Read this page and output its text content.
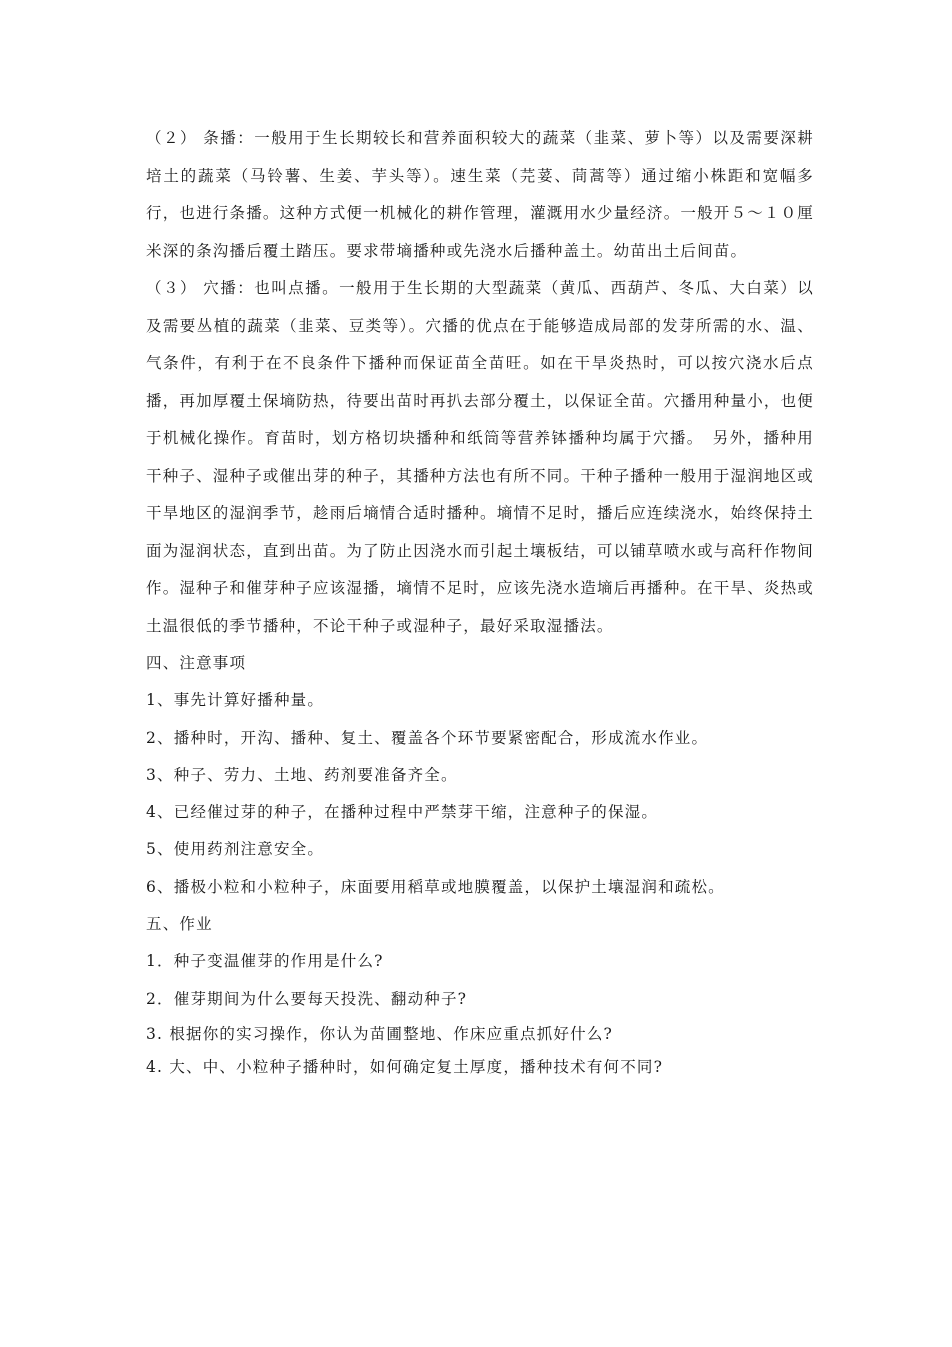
（２） 条播：一般用于生长期较长和营养面积较大的蔬菜（韭菜、萝卜等）以及需要深耕培土的蔬菜（马铃薯、生姜、芋头等）。速生菜（芫荽、茼蒿等）通过缩小株距和宽幅多行，也进行条播。这种方式便一机械化的耕作管理，灌溉用水少量经济。一般开５～１０厘米深的条沟播后覆土踏压。要求带墒播种或先浇水后播种盖土。幼苗出土后间苗。

（３） 穴播：也叫点播。一般用于生长期的大型蔬菜（黄瓜、西葫芦、冬瓜、大白菜）以及需要丛植的蔬菜（韭菜、豆类等）。穴播的优点在于能够造成局部的发芽所需的水、温、气条件，有利于在不良条件下播种而保证苗全苗旺。如在干旱炎热时，可以按穴浇水后点播，再加厚覆土保墒防热，待要出苗时再扒去部分覆土，以保证全苗。穴播用种量小，也便于机械化操作。育苗时，划方格切块播种和纸筒等营养钵播种均属于穴播。　另外，播种用干种子、湿种子或催出芽的种子，其播种方法也有所不同。干种子播种一般用于湿润地区或干旱地区的湿润季节，趁雨后墒情合适时播种。墒情不足时，播后应连续浇水，始终保持土面为湿润状态，直到出苗。为了防止因浇水而引起土壤板结，可以铺草喷水或与高秆作物间作。湿种子和催芽种子应该湿播，墒情不足时，应该先浇水造墒后再播种。在干旱、炎热或土温很低的季节播种，不论干种子或湿种子，最好采取湿播法。

四、注意事项

1、事先计算好播种量。

2、播种时，开沟、播种、复土、覆盖各个环节要紧密配合，形成流水作业。

3、种子、劳力、土地、药剂要准备齐全。

4、已经催过芽的种子，在播种过程中严禁芽干缩，注意种子的保湿。

5、使用药剂注意安全。

6、播极小粒和小粒种子，床面要用稻草或地膜覆盖，以保护土壤湿润和疏松。

五、作业

1．种子变温催芽的作用是什么?

2．催芽期间为什么要每天投洗、翻动种子?

3. 根据你的实习操作，你认为苗圃整地、作床应重点抓好什么?

4. 大、中、小粒种子播种时，如何确定复土厚度，播种技术有何不同?
